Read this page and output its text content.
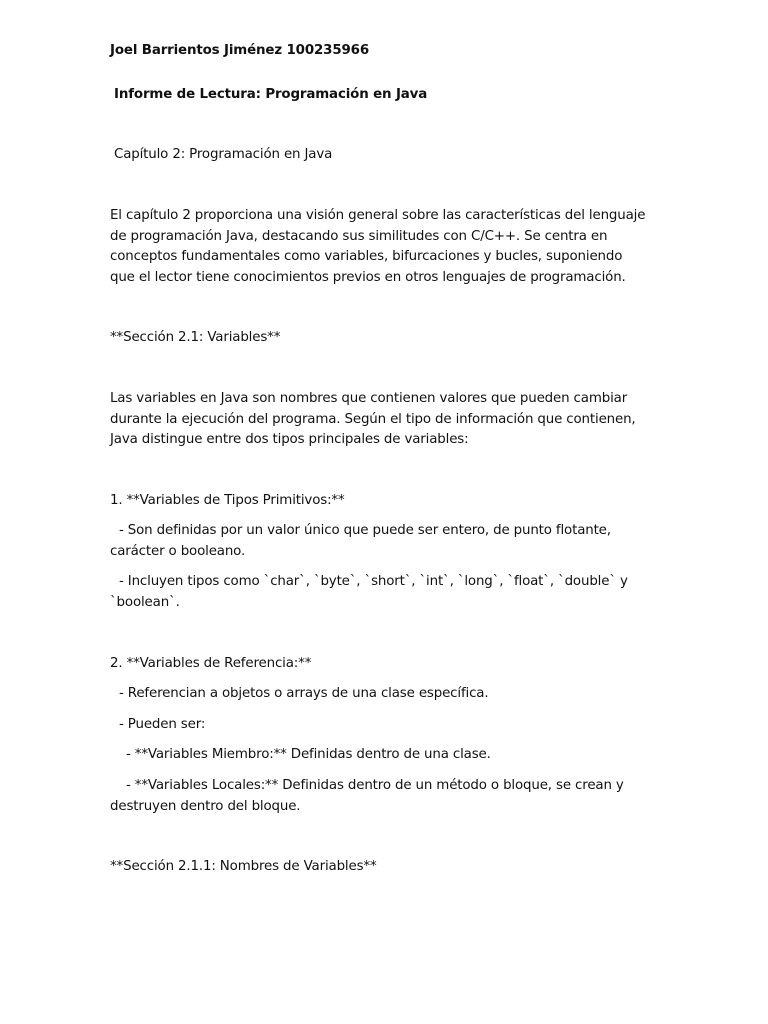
Joel Barrientos Jiménez 100235966

Informe de Lectura: Programación en Java

Capítulo 2: Programación en Java

El capítulo 2 proporciona una visión general sobre las características del lenguaje
de programación Java, destacando sus similitudes con C/C++. Se centra en
conceptos fundamentales como variables, bifurcaciones y bucles, suponiendo
que el lector tiene conocimientos previos en otros lenguajes de programación.

**Sección 2.1: Variables**

Las variables en Java son nombres que contienen valores que pueden cambiar
durante la ejecución del programa. Según el tipo de información que contienen,
Java distingue entre dos tipos principales de variables:

1. **Variables de Tipos Primitivos:**

- Son definidas por un valor único que puede ser entero, de punto flotante,
carácter o booleano.
- Incluyen tipos como `char`, `byte`, `short`, `int`, `long`, `float`, `double` y
`boolean`.

2. **Variables de Referencia:**

- Referencian a objetos o arrays de una clase específica.

- Pueden ser:

- **Variables Miembro:** Definidas dentro de una clase.

- **Variables Locales:** Definidas dentro de un método o bloque, se crean y
destruyen dentro del bloque.

**Sección 2.1.1: Nombres de Variables**
